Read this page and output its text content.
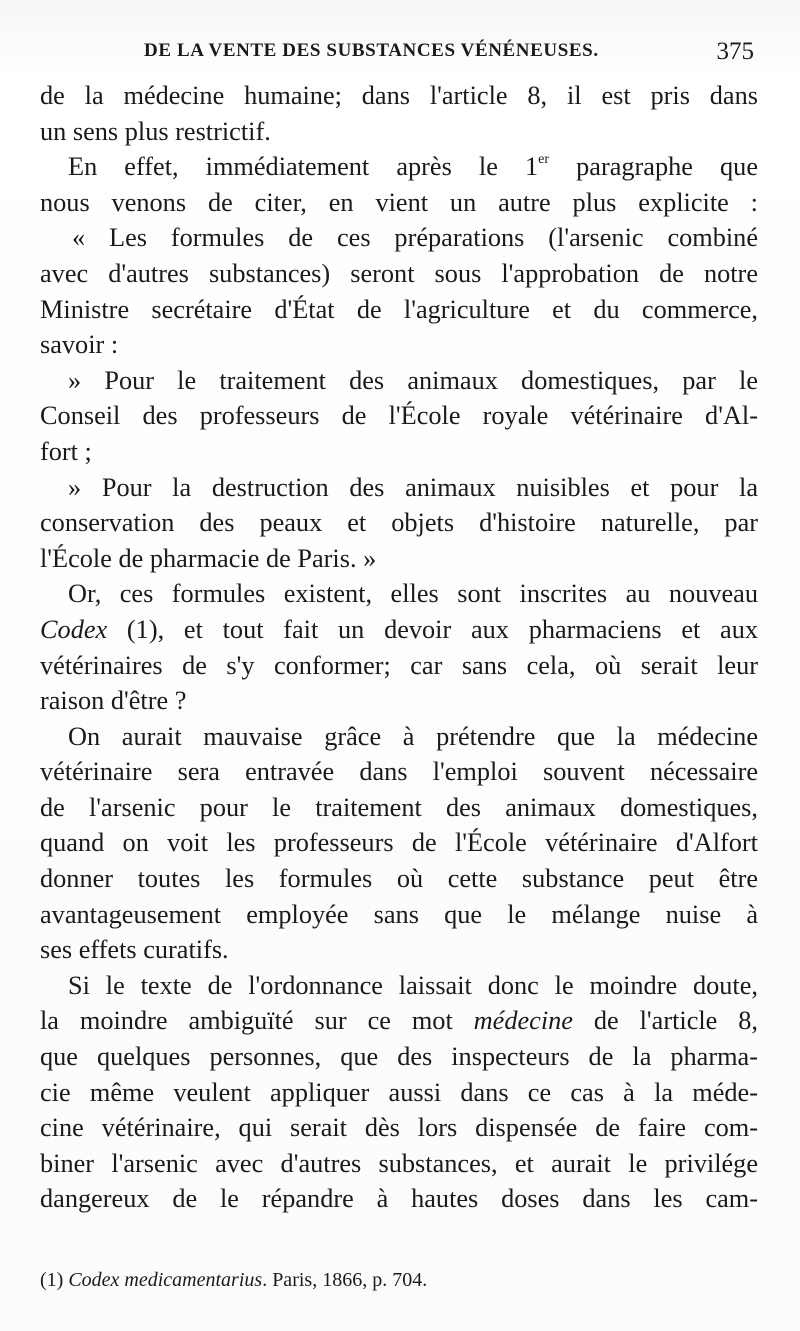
DE LA VENTE DES SUBSTANCES VÉNÉNEUSES.	375
de la médecine humaine; dans l'article 8, il est pris dans
un sens plus restrictif.
En effet, immédiatement après le 1er paragraphe que
nous venons de citer, en vient un autre plus explicite :
« Les formules de ces préparations (l'arsenic combiné
avec d'autres substances) seront sous l'approbation de notre
Ministre secrétaire d'État de l'agriculture et du commerce,
savoir :
» Pour le traitement des animaux domestiques, par le
Conseil des professeurs de l'École royale vétérinaire d'Al-
fort ;
» Pour la destruction des animaux nuisibles et pour la
conservation des peaux et objets d'histoire naturelle, par
l'École de pharmacie de Paris. »
Or, ces formules existent, elles sont inscrites au nouveau
Codex (1), et tout fait un devoir aux pharmaciens et aux
vétérinaires de s'y conformer; car sans cela, où serait leur
raison d'être ?
On aurait mauvaise grâce à prétendre que la médecine
vétérinaire sera entravée dans l'emploi souvent nécessaire
de l'arsenic pour le traitement des animaux domestiques,
quand on voit les professeurs de l'École vétérinaire d'Alfort
donner toutes les formules où cette substance peut être
avantageusement employée sans que le mélange nuise à
ses effets curatifs.
Si le texte de l'ordonnance laissait donc le moindre doute,
la moindre ambiguïté sur ce mot médecine de l'article 8,
que quelques personnes, que des inspecteurs de la pharma-
cie même veulent appliquer aussi dans ce cas à la méde-
cine vétérinaire, qui serait dès lors dispensée de faire com-
biner l'arsenic avec d'autres substances, et aurait le privilége
dangereux de le répandre à hautes doses dans les cam-
(1) Codex medicamentarius. Paris, 1866, p. 704.
